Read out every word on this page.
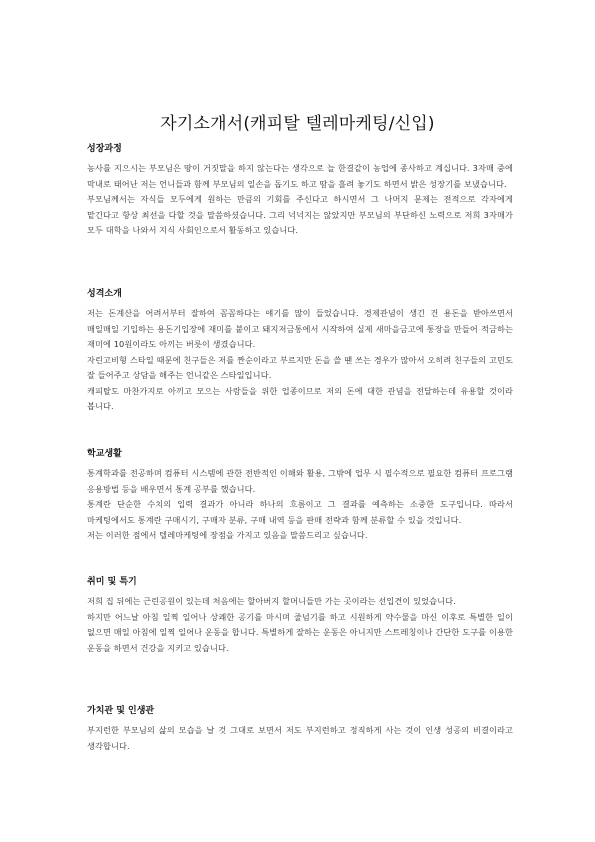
자기소개서(캐피탈 텔레마케팅/신입)
성장과정

농사를 지으시는 부모님은 땅이 거짓말을 하지 않는다는 생각으로 늘 한결같이 농업에 종사하고 계십니다. 3자매 중에 막내로 태어난 저는 언니들과 함께 부모님의 일손을 돕기도 하고 땀을 흘려 놓기도 하면서 밝은 성장기를 보냈습니다.

부모님께서는 자식들 모두에게 원하는 만큼의 기회를 주신다고 하시면서 그 나머지 문제는 전적으로 각자에게 맡긴다고 항상 최선을 다할 것을 말씀하셨습니다. 그리 넉넉지는 않았지만 부모님의 부단하신 노력으로 저희 3자매가 모두 대학을 나와서 지식 사회인으로서 활동하고 있습니다.

성격소개

저는 돈계산을 어려서부터 잘하여 꼼꼼하다는 얘기를 많이 들었습니다. 경제관념이 생긴 건 용돈을 받아쓰면서 매일매일 기입하는 용돈기입장에 재미를 붙이고 돼지저금통에서 시작하여 실제 새마을금고에 통장을 만들어 적금하는 재미에 10원이라도 아끼는 버릇이 생겼습니다.

자린고비형 스타일 때문에 친구들은 저를 짠순이라고 부르지만 돈을 쓸 땐 쓰는 경우가 많아서 오히려 친구들의 고민도 잘 들어주고 상담을 해주는 언니같은 스타일입니다.

캐피탈도 마찬가지로 아끼고 모으는 사람들을 위한 업종이므로 저의 돈에 대한 관념을 전달하는데 유용할 것이라 봅니다.

학교생활

통계학과를 전공하며 컴퓨터 시스템에 관한 전반적인 이해와 활용, 그밖에 업무 시 필수적으로 필요한 컴퓨터 프로그램 응용방법 등을 배우면서 통계 공부를 했습니다.

통계란 단순한 수치의 입력 결과가 아니라 하나의 흐름이고 그 결과를 예측하는 소중한 도구입니다. 따라서 마케팅에서도 통계란 구매시기, 구매자 분류, 구매 내역 등을 판매 전략과 함께 분류할 수 있을 것입니다.

저는 이러한 점에서 텔레마케팅에 장점을 가지고 있음을 말씀드리고 싶습니다.

취미 및 특기

저희 집 뒤에는 근린공원이 있는데 처음에는 할아버지 할머니들만 가는 곳이라는 선입견이 있었습니다.

하지만 어느날 아침 일찍 일어나 상쾌한 공기를 마시며 줄넘기를 하고 시원하게 약수물을 마신 이후로 특별한 일이 없으면 매일 아침에 일찍 일어나 운동을 합니다. 특별하게 잘하는 운동은 아니지만 스트레칭이나 간단한 도구를 이용한 운동을 하면서 건강을 지키고 있습니다.

가치관 및 인생관

부지런한 부모님의 삶의 모습을 날 것 그대로 보면서 저도 부지런하고 정직하게 사는 것이 인생 성공의 비결이라고 생각합니다.
